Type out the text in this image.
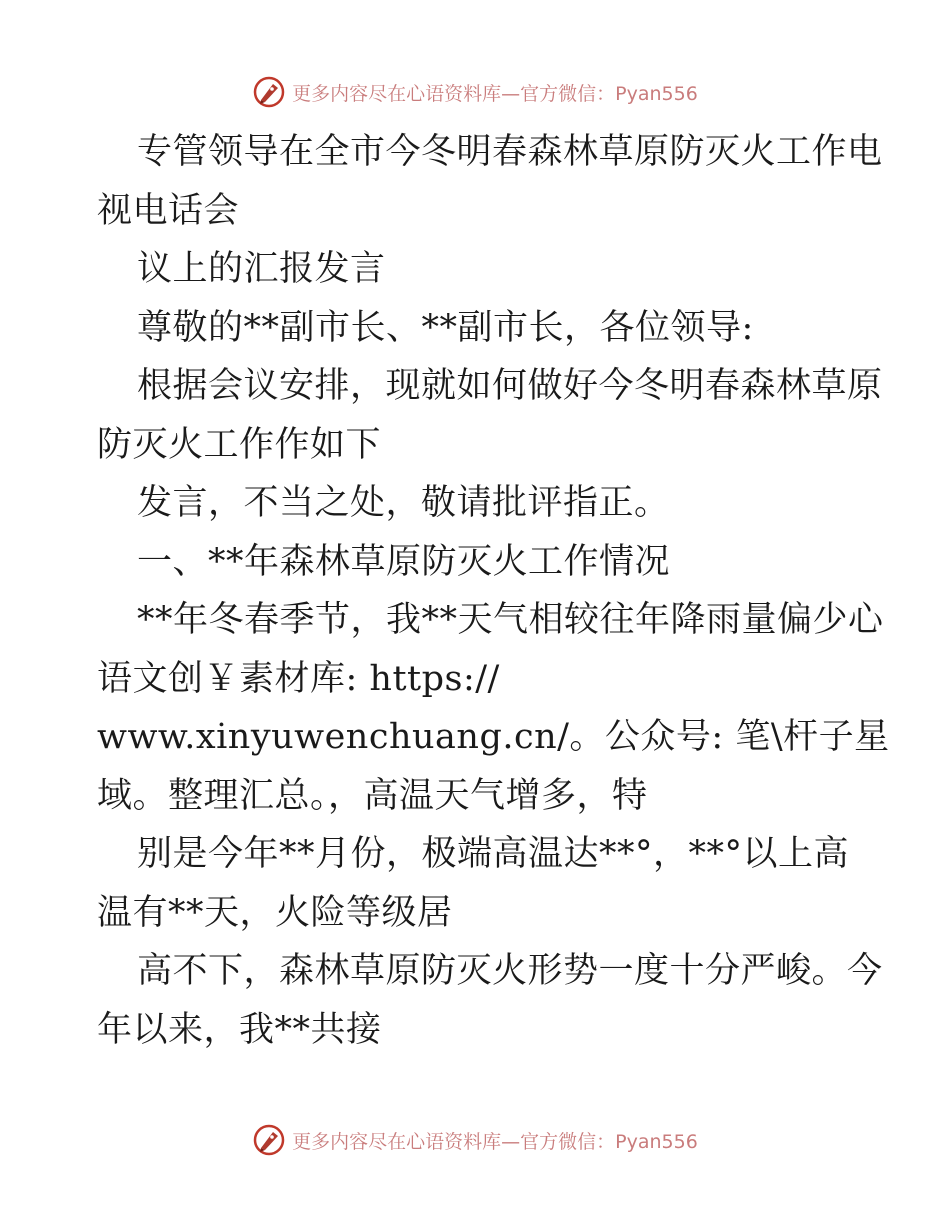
更多内容尽在心语资料库—官方微信：Pyan556
专管领导在全市今冬明春森林草原防灭火工作电
视电话会
议上的汇报发言
尊敬的**副市长、**副市长，各位领导:
根据会议安排，现就如何做好今冬明春森林草原
防灭火工作作如下
发言，不当之处，敬请批评指正。
一、**年森林草原防灭火工作情况
**年冬春季节，我**天气相较往年降雨量偏少心
语文创￥素材库: https://
www.xinyuwenchuang.cn/。公众号: 笔\杆子星
域。整理汇总。，高温天气增多，特
别是今年**月份，极端高温达**°，**°以上高
温有**天，火险等级居
高不下，森林草原防灭火形势一度十分严峻。今
年以来，我**共接
更多内容尽在心语资料库—官方微信：Pyan556
